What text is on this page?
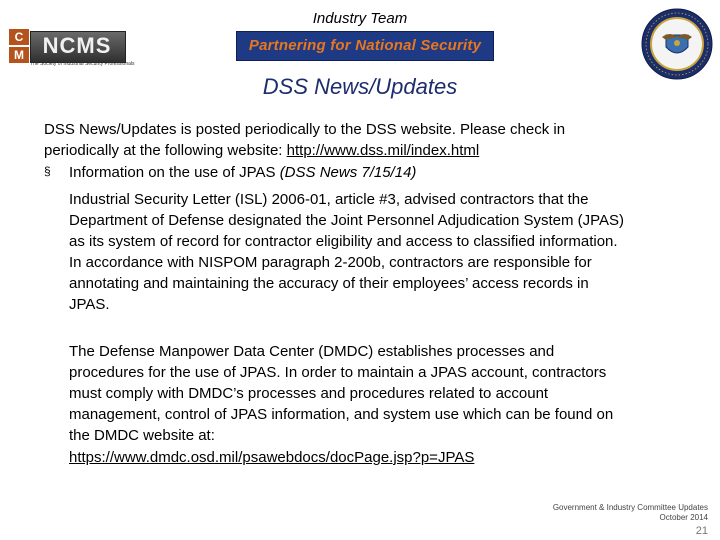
Industry Team
C
M NCMS
The Society of Industrial Security Professionals
Partnering for National Security
DSS News/Updates
DSS News/Updates is posted periodically to the DSS website. Please check in
periodically at the following website: http://www.dss.mil/index.html
§ Information on the use of JPAS (DSS News 7/15/14)
Industrial Security Letter (ISL) 2006-01, article #3, advised contractors that the
Department of Defense designated the Joint Personnel Adjudication System (JPAS)
as its system of record for contractor eligibility and access to classified information.
In accordance with NISPOM paragraph 2-200b, contractors are responsible for
annotating and maintaining the accuracy of their employees’ access records in
JPAS.
The Defense Manpower Data Center (DMDC) establishes processes and
procedures for the use of JPAS. In order to maintain a JPAS account, contractors
must comply with DMDC’s processes and procedures related to account
management, control of JPAS information, and system use which can be found on
the DMDC website at:
https://www.dmdc.osd.mil/psawebdocs/docPage.jsp?p=JPAS
Government & Industry Committee Updates
October 2014
21
